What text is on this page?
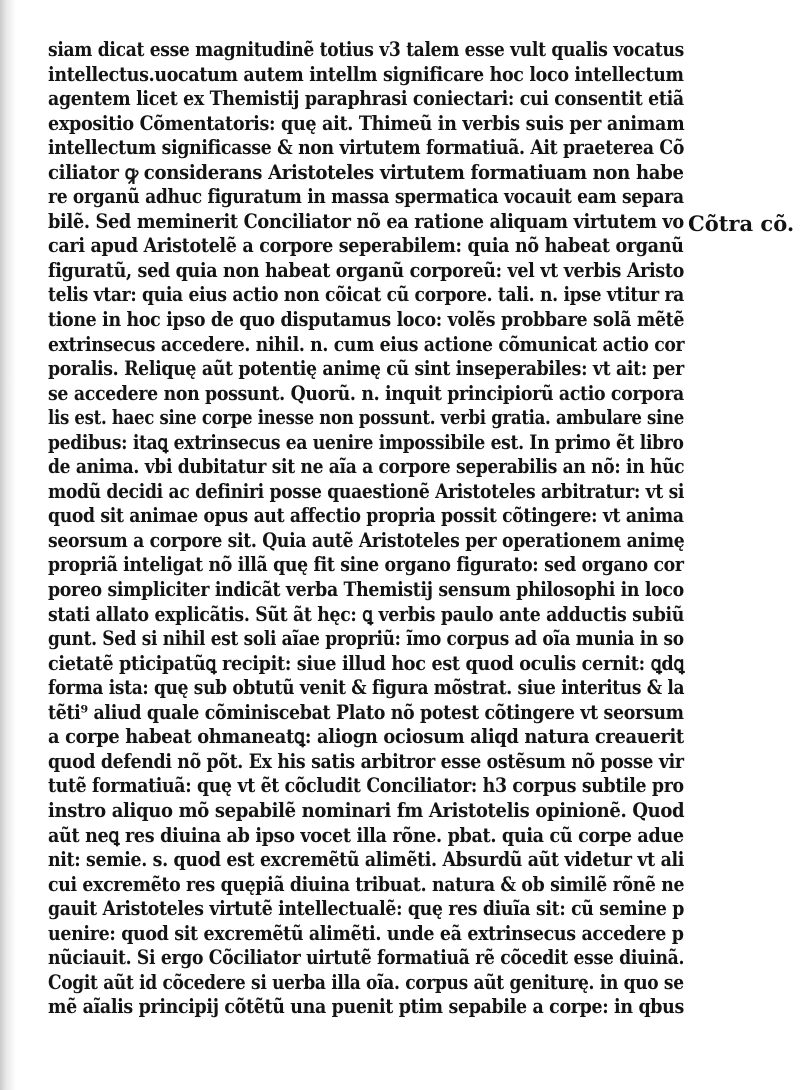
siam dicat esse magnitudinẽ totius v3 talem esse vult qualis vocatus
intellectus.uocatum autem intellm significare hoc loco intellectum
agentem licet ex Themistij paraphrasi coniectari: cui consentit etiã
expositio Cõmentatoris: quę ait. Thimeũ in verbis suis per animam
intellectum significasse & non virtutem formatiuã. Ait praeterea Cõ
ciliator ꝙ considerans Aristoteles virtutem formatiuam non habe
re organũ adhuc figuratum in massa spermatica vocauit eam separa
bilẽ. Sed meminerit Conciliator nõ ea ratione aliquam virtutem vo
cari apud Aristotelẽ a corpore seperabilem: quia nõ habeat organũ
figuratũ, sed quia non habeat organũ corporeũ: vel vt verbis Aristo
telis vtar: quia eius actio non cõicat cũ corpore. tali. n. ipse vtitur ra
tione in hoc ipso de quo disputamus loco: volẽs probbare solã mẽtẽ
extrinsecus accedere. nihil. n. cum eius actione cõmunicat actio cor
poralis. Reliquę aũt potentię animę cũ sint inseperabiles: vt ait: per
se accedere non possunt. Quorũ. n. inquit principiorũ actio corpora
lis est. haec sine corpe inesse non possunt. verbi gratia. ambulare sine
pedibus: itaꝗ extrinsecus ea uenire impossibile est. In primo ẽt libro
de anima. vbi dubitatur sit ne aĩa a corpore seperabilis an nõ: in hũc
modũ decidi ac definiri posse quaestionẽ Aristoteles arbitratur: vt si
quod sit animae opus aut affectio propria possit cõtingere: vt anima
seorsum a corpore sit. Quia autẽ Aristoteles per operationem animę
propriã inteligat nõ illã quę fit sine organo figurato: sed organo cor
poreo simpliciter indicãt verba Themistij sensum philosophi in loco
stati allato explicãtis. Sũt ãt hęc: ꝗ verbis paulo ante adductis subiũ
gunt. Sed si nihil est soli aĩae propriũ: ĩmo corpus ad oĩa munia in so
cietatẽ pticipatũꝗ recipit: siue illud hoc est quod oculis cernit: ꝗdꝗ
forma ista: quę sub obtutũ venit & figura mõstrat. siue interitus & la
tẽti⁹ aliud quale cõminiscebat Plato nõ potest cõtingere vt seorsum
a corpe habeat ohmaneatꝗ: aliogn ociosum aliqd natura creauerit
quod defendi nõ põt. Ex his satis arbitror esse ostẽsum nõ posse vir
tutẽ formatiuã: quę vt ẽt cõcludit Conciliator: h3 corpus subtile pro
instro aliquo mõ sepabilẽ nominari fm Aristotelis opinionẽ. Quod
aũt neꝗ res diuina ab ipso vocet illa rõne. pbat. quia cũ corpe adue
nit: semie. s. quod est excremẽtũ alimẽti. Absurdũ aũt videtur vt ali
cui excremẽto res quępiã diuina tribuat. natura & ob similẽ rõnẽ ne
gauit Aristoteles virtutẽ intellectualẽ: quę res diuĩa sit: cũ semine p
uenire: quod sit excremẽtũ alimẽti. unde eã extrinsecus accedere p
nũciauit. Si ergo Cõciliator uirtutẽ formatiuã rẽ cõcedit esse diuinã.
Cogit aũt id cõcedere si uerba illa oĩa. corpus aũt geniturę. in quo se
mẽ aĩalis principij cõtẽtũ una puenit ptim sepabile a corpe: in qbus
Cõtra cõ.
